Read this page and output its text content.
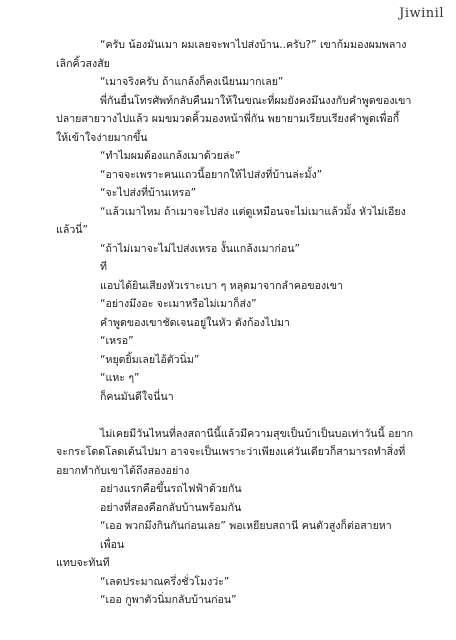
Jiwinil
“ครับ น้องมันเมา ผมเลยจะพาไปส่งบ้าน..ครับ?” เขาก้มมองผมพลาง
เลิกคิ้วสงสัย
“เมาจริงครับ ถ้าแกล้งก็คงเนียนมากเลย”
พี่กันยื่นโทรศัพท์กลับคืนมาให้ในขณะที่ผมยังคงมึนงงกับคำพูดของเขา
ปลายสายวางไปแล้ว ผมขมวดคิ้วมองหน้าพี่กัน พยายามเรียบเรียงคำพูดเพื่อกี้
ให้เข้าใจง่ายมากขึ้น
“ทำไมผมต้องแกล้งเมาด้วยล่ะ”
“อาจจะเพราะคนแถวนี้อยากให้ไปส่งที่บ้านล่ะมั้ง”
“จะไปส่งที่บ้านเหรอ”
“แล้วเมาไหม ถ้าเมาจะไปส่ง แต่ดูเหมือนจะไม่เมาแล้วมั้ง หัวไม่เอียง
แล้วนี่”
“ถ้าไม่เมาจะไม่ไปส่งเหรอ งั้นแกล้งเมาก่อน”
ที
แอบได้ยินเสียงหัวเราะเบา ๆ หลุดมาจากลำคอของเขา
“อย่างมึงอะ จะเมาหรือไม่เมาก็ส่ง”
คำพูดของเขาชัดเจนอยู่ในหัว ดังก้องไปมา
“เหรอ”
“หยุดยิ้มเลยไอ้ตัวนิ่ม”
“แหะ ๆ”
ก็คนมันดีใจนี่นา
ไม่เคยมีวันไหนที่ลงสถานีนี้แล้วมีความสุขเป็นบ้าเป็นบอเท่าวันนี้ อยาก
จะกระโดดโลดเต้นไปมา อาจจะเป็นเพราะว่าเพียงแค่วันเดียวก็สามารถทำสิ่งที่
อยากทำกับเขาได้ถึงสองอย่าง
อย่างแรกคือขึ้นรถไฟฟ้าด้วยกัน
อย่างที่สองคือกลับบ้านพร้อมกัน
“เออ พวกมึงกินกันก่อนเลย” พอเหยียบสถานี คนตัวสูงก็ต่อสายหาเพื่อน
แทบจะทันที
“เลตประมาณครึ่งชั่วโมงว่ะ”
“เออ กูพาตัวนิ่มกลับบ้านก่อน”
